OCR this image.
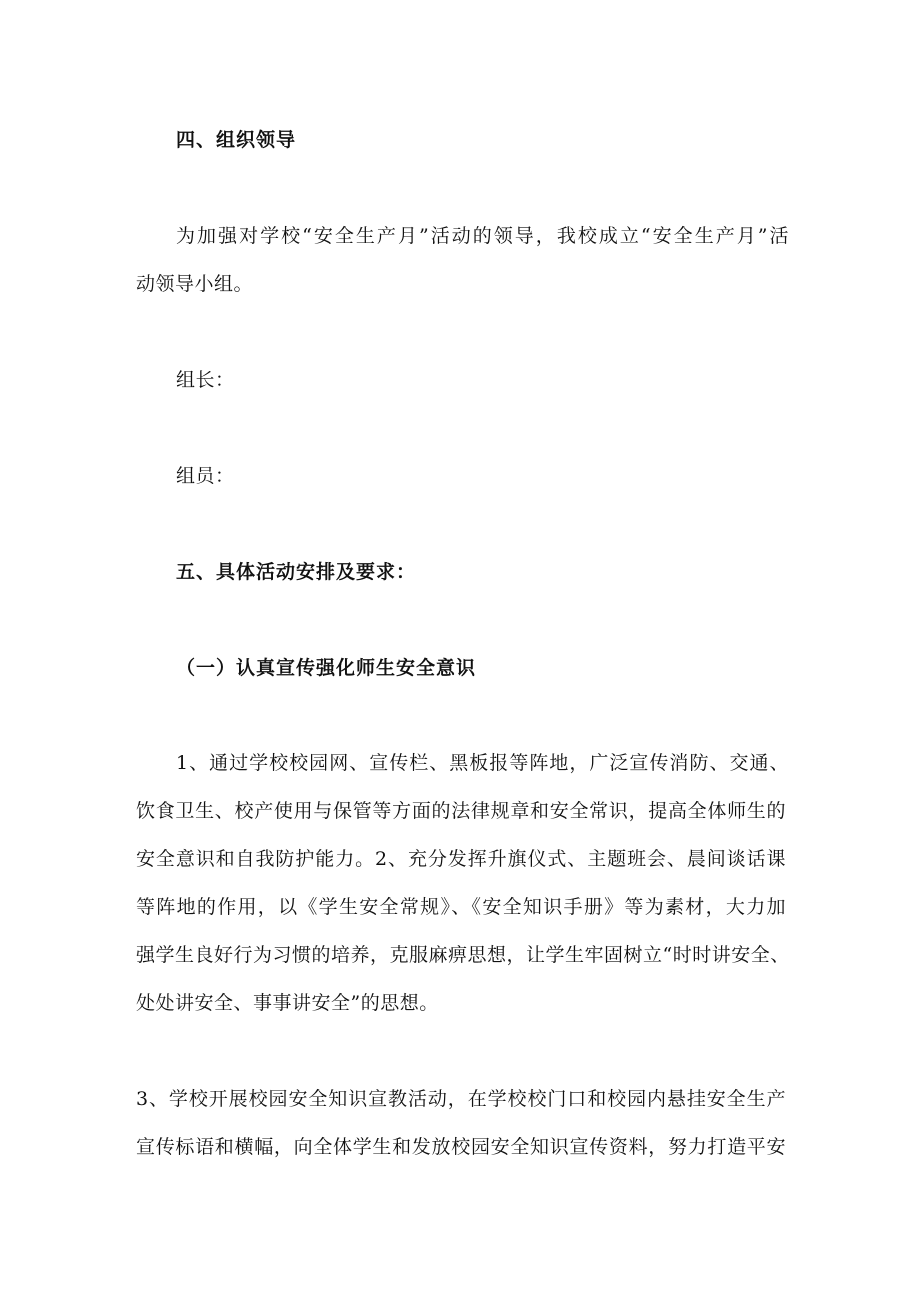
四、组织领导
为加强对学校“安全生产月”活动的领导，我校成立“安全生产月”活
动领导小组。
组长：
组员：
五、具体活动安排及要求：
（一）认真宣传强化师生安全意识
1、通过学校校园网、宣传栏、黑板报等阵地，广泛宣传消防、交通、
饮食卫生、校产使用与保管等方面的法律规章和安全常识，提高全体师生的
安全意识和自我防护能力。2、充分发挥升旗仪式、主题班会、晨间谈话课
等阵地的作用，以《学生安全常规》、《安全知识手册》等为素材，大力加
强学生良好行为习惯的培养，克服麻痹思想，让学生牢固树立“时时讲安全、
处处讲安全、事事讲安全”的思想。
3、学校开展校园安全知识宣教活动，在学校校门口和校园内悬挂安全生产
宣传标语和横幅，向全体学生和发放校园安全知识宣传资料，努力打造平安
